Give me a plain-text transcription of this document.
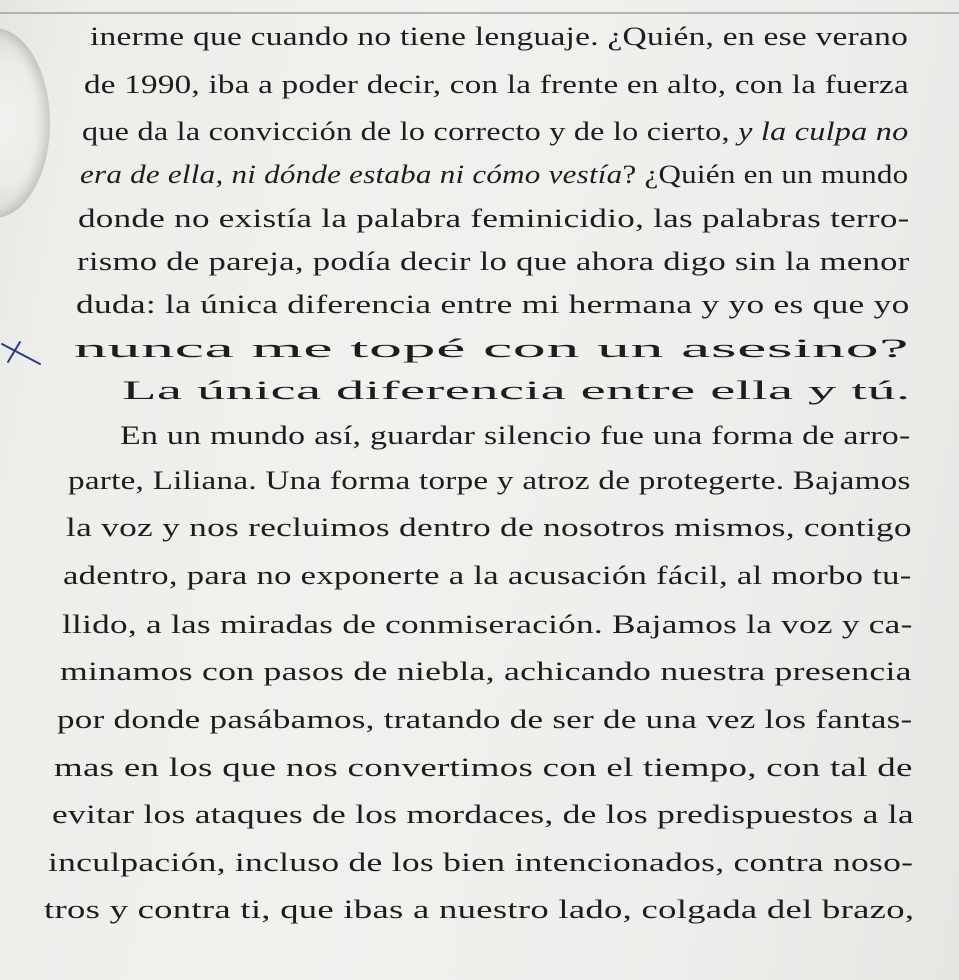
inerme que cuando no tiene lenguaje. ¿Quién, en ese verano

de 1990, iba a poder decir, con la frente en alto, con la fuerza

que da la convicción de lo correcto y de lo cierto, y la culpa no

era de ella, ni dónde estaba ni cómo vestía? ¿Quién en un mundo

donde no existía la palabra feminicidio, las palabras terro-

rismo de pareja, podía decir lo que ahora digo sin la menor

duda: la única diferencia entre mi hermana y yo es que yo

nunca me topé con un asesino?

La única diferencia entre ella y tú.

En un mundo así, guardar silencio fue una forma de arro-

parte, Liliana. Una forma torpe y atroz de protegerte. Bajamos

la voz y nos recluimos dentro de nosotros mismos, contigo

adentro, para no exponerte a la acusación fácil, al morbo tu-

llido, a las miradas de conmiseración. Bajamos la voz y ca-

minamos con pasos de niebla, achicando nuestra presencia

por donde pasábamos, tratando de ser de una vez los fantas-

mas en los que nos convertimos con el tiempo, con tal de

evitar los ataques de los mordaces, de los predispuestos a la

inculpación, incluso de los bien intencionados, contra noso-

tros y contra ti, que ibas a nuestro lado, colgada del brazo,
